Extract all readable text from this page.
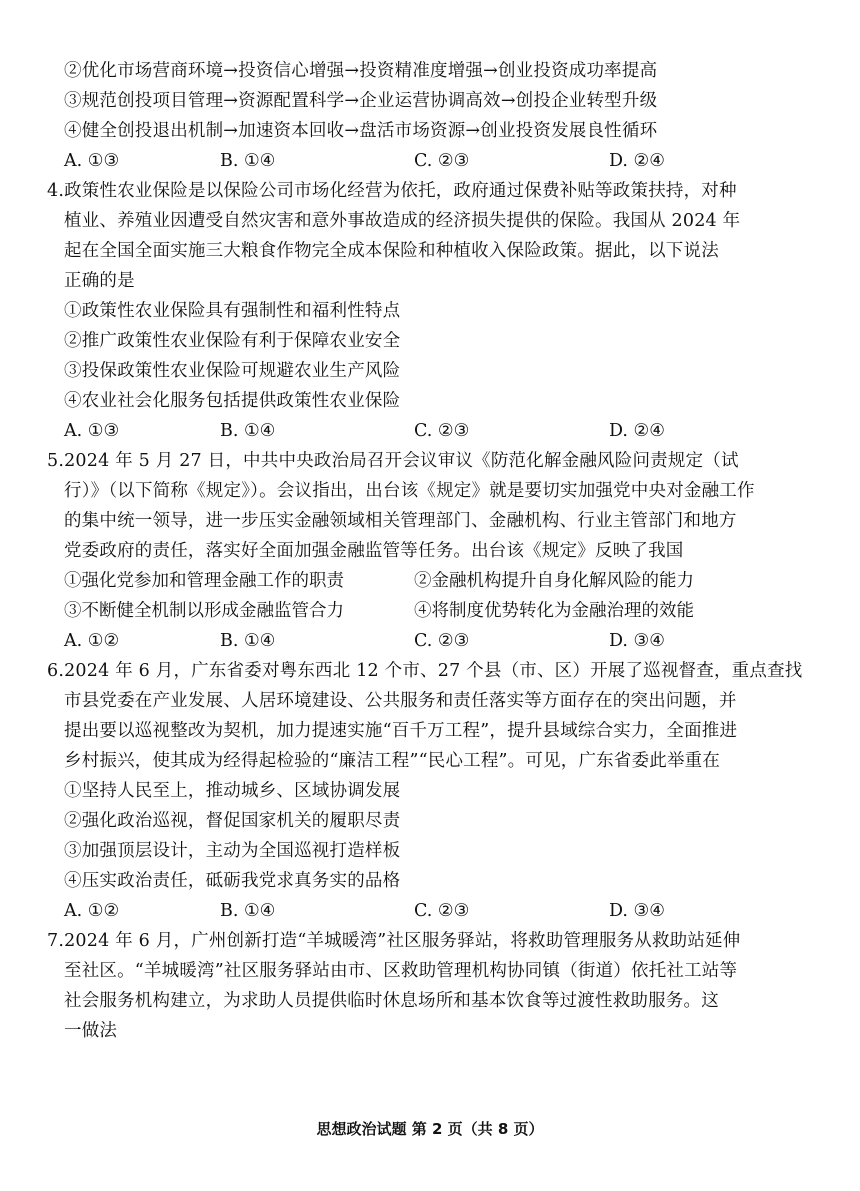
②优化市场营商环境→投资信心增强→投资精准度增强→创业投资成功率提高
③规范创投项目管理→资源配置科学→企业运营协调高效→创投企业转型升级
④健全创投退出机制→加速资本回收→盘活市场资源→创业投资发展良性循环
A. ①③	B. ①④	C. ②③	D. ②④
4.政策性农业保险是以保险公司市场化经营为依托，政府通过保费补贴等政策扶持，对种
植业、养殖业因遭受自然灾害和意外事故造成的经济损失提供的保险。我国从 2024 年
起在全国全面实施三大粮食作物完全成本保险和种植收入保险政策。据此，以下说法
正确的是
①政策性农业保险具有强制性和福利性特点
②推广政策性农业保险有利于保障农业安全
③投保政策性农业保险可规避农业生产风险
④农业社会化服务包括提供政策性农业保险
A. ①③	B. ①④	C. ②③	D. ②④
5.2024 年 5 月 27 日，中共中央政治局召开会议审议《防范化解金融风险问责规定（试
行）》（以下简称《规定》）。会议指出，出台该《规定》就是要切实加强党中央对金融工作
的集中统一领导，进一步压实金融领域相关管理部门、金融机构、行业主管部门和地方
党委政府的责任，落实好全面加强金融监管等任务。出台该《规定》反映了我国
①强化党参加和管理金融工作的职责	②金融机构提升自身化解风险的能力
③不断健全机制以形成金融监管合力	④将制度优势转化为金融治理的效能
A. ①②	B. ①④	C. ②③	D. ③④
6.2024 年 6 月，广东省委对粤东西北 12 个市、27 个县（市、区）开展了巡视督查，重点查找
市县党委在产业发展、人居环境建设、公共服务和责任落实等方面存在的突出问题，并
提出要以巡视整改为契机，加力提速实施“百千万工程”，提升县域综合实力，全面推进
乡村振兴，使其成为经得起检验的“廉洁工程”“民心工程”。可见，广东省委此举重在
①坚持人民至上，推动城乡、区域协调发展
②强化政治巡视，督促国家机关的履职尽责
③加强顶层设计，主动为全国巡视打造样板
④压实政治责任，砥砺我党求真务实的品格
A. ①②	B. ①④	C. ②③	D. ③④
7.2024 年 6 月，广州创新打造“羊城暖湾”社区服务驿站，将救助管理服务从救助站延伸
至社区。“羊城暖湾”社区服务驿站由市、区救助管理机构协同镇（街道）依托社工站等
社会服务机构建立，为求助人员提供临时休息场所和基本饮食等过渡性救助服务。这
一做法
思想政治试题 第 2 页（共 8 页）
